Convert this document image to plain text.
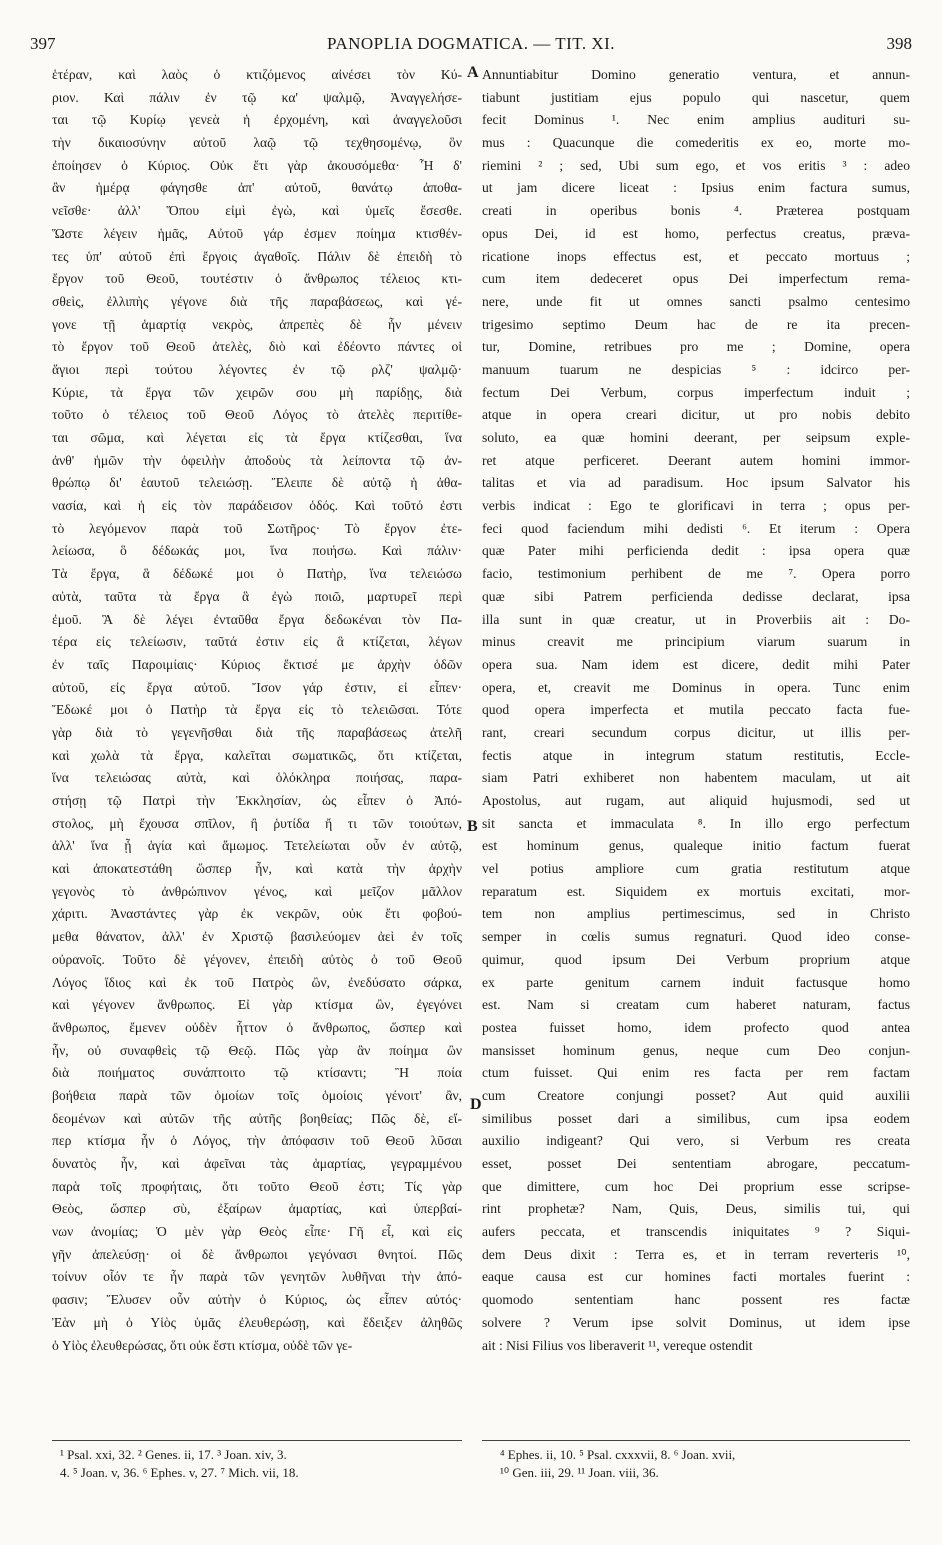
397	PANOPLIA DOGMATICA. — TIT. XI.	398
ἑτέραν, καὶ λαὸς ὁ κτιζόμενος αἰνέσει τὸν Κύ-
ριον. Καὶ πάλιν ἐν τῷ κα' ψαλμῷ, Ἀναγγελήσε-
ται τῷ Κυρίῳ γενεὰ ἡ ἐρχομένη, καὶ ἀναγγελοῦσι
τὴν δικαιοσύνην αὐτοῦ λαῷ τῷ τεχθησομένῳ, ὃν
ἐποίησεν ὁ Κύριος. Οὐκ ἔτι γὰρ ἀκουσόμεθα· Ἧ δ'
ἂν ἡμέρᾳ φάγησθε ἀπ' αὐτοῦ, θανάτῳ ἀποθα-
νεῖσθε· ἀλλ' Ὅπου εἰμὶ ἐγὼ, καὶ ὑμεῖς ἔσεσθε.
Ὥστε λέγειν ἡμᾶς, Αὐτοῦ γάρ ἐσμεν ποίημα κτισθέν-
τες ὑπ' αὐτοῦ ἐπὶ ἔργοις ἀγαθοῖς. Πάλιν δὲ ἐπειδὴ τὸ
ἔργον τοῦ Θεοῦ, τουτέστιν ὁ ἄνθρωπος τέλειος κτι-
σθεὶς, ἐλλιπὴς γέγονε διὰ τῆς παραβάσεως, καὶ γέ-
γονε τῇ ἁμαρτίᾳ νεκρὸς, ἀπρεπὲς δὲ ἦν μένειν
τὸ ἔργον τοῦ Θεοῦ ἀτελὲς, διὸ καὶ ἐδέοντο πάντες οἱ
ἅγιοι περὶ τούτου λέγοντες ἐν τῷ ρλζ' ψαλμῷ·
Κύριε, τὰ ἔργα τῶν χειρῶν σου μὴ παρίδῃς, διὰ
τοῦτο ὁ τέλειος τοῦ Θεοῦ Λόγος τὸ ἀτελὲς περιτίθε-
ται σῶμα, καὶ λέγεται εἰς τὰ ἔργα κτίζεσθαι, ἵνα
ἀνθ' ἡμῶν τὴν ὀφειλὴν ἀποδοὺς τὰ λείποντα τῷ ἀν-
θρώπῳ δι' ἑαυτοῦ τελειώσῃ. Ἔλειπε δὲ αὐτῷ ἡ ἀθα-
νασία, καὶ ἡ εἰς τὸν παράδεισον ὁδός. Καὶ τοῦτό ἐστι
τὸ λεγόμενον παρὰ τοῦ Σωτῆρος· Τὸ ἔργον ἐτε-
λείωσα, ὃ δέδωκάς μοι, ἵνα ποιήσω. Καὶ πάλιν·
Τὰ ἔργα, ἃ δέδωκέ μοι ὁ Πατὴρ, ἵνα τελειώσω
αὐτὰ, ταῦτα τὰ ἔργα ἃ ἐγὼ ποιῶ, μαρτυρεῖ περὶ
ἐμοῦ. Ἃ δὲ λέγει ἐνταῦθα ἔργα δεδωκέναι τὸν Πα-
τέρα εἰς τελείωσιν, ταῦτά ἐστιν εἰς ἃ κτίζεται, λέγων
ἐν ταῖς Παροιμίαις· Κύριος ἔκτισέ με ἀρχὴν ὁδῶν
αὐτοῦ, εἰς ἔργα αὐτοῦ. Ἴσον γάρ ἐστιν, εἰ εἶπεν·
Ἔδωκέ μοι ὁ Πατὴρ τὰ ἔργα εἰς τὸ τελειῶσαι. Τότε
γὰρ διὰ τὸ γεγενῆσθαι διὰ τῆς παραβάσεως ἀτελῆ
καὶ χωλὰ τὰ ἔργα, καλεῖται σωματικῶς, ὅτι κτίζεται,
ἵνα τελειώσας αὐτὰ, καὶ ὁλόκληρα ποιήσας, παρα-
στήσῃ τῷ Πατρὶ τὴν Ἐκκλησίαν, ὡς εἶπεν ὁ Ἀπό-
στολος, μὴ ἔχουσα σπῖλον, ἢ ῥυτίδα ἤ τι τῶν τοιούτων,
ἀλλ' ἵνα ᾖ ἁγία καὶ ἄμωμος. Τετελείωται οὖν ἐν αὐτῷ,
καὶ ἀποκατεστάθη ὥσπερ ἦν, καὶ κατὰ τὴν ἀρχὴν
γεγονὸς τὸ ἀνθρώπινον γένος, καὶ μεῖζον μᾶλλον
χάριτι. Ἀναστάντες γὰρ ἐκ νεκρῶν, οὐκ ἔτι φοβού-
μεθα θάνατον, ἀλλ' ἐν Χριστῷ βασιλεύομεν ἀεὶ ἐν τοῖς
οὐρανοῖς. Τοῦτο δὲ γέγονεν, ἐπειδὴ αὐτὸς ὁ τοῦ Θεοῦ
Λόγος ἴδιος καὶ ἐκ τοῦ Πατρὸς ὢν, ἐνεδύσατο σάρκα,
καὶ γέγονεν ἄνθρωπος. Εἰ γὰρ κτίσμα ὢν, ἐγεγόνει
ἄνθρωπος, ἔμενεν οὐδὲν ἧττον ὁ ἄνθρωπος, ὥσπερ καὶ
ἦν, οὐ συναφθεὶς τῷ Θεῷ. Πῶς γὰρ ἂν ποίημα ὢν
διὰ ποιήματος συνάπτοιτο τῷ κτίσαντι; Ἢ ποία
βοήθεια παρὰ τῶν ὁμοίων τοῖς ὁμοίοις γένοιτ' ἂν,
δεομένων καὶ αὐτῶν τῆς αὐτῆς βοηθείας; Πῶς δὲ, εἴ-
περ κτίσμα ἦν ὁ Λόγος, τὴν ἀπόφασιν τοῦ Θεοῦ λῦσαι
δυνατὸς ἦν, καὶ ἀφεῖναι τὰς ἁμαρτίας, γεγραμμένου
παρὰ τοῖς προφήταις, ὅτι τοῦτο Θεοῦ ἐστι; Τίς γὰρ
Θεὸς, ὥσπερ σὺ, ἐξαίρων ἁμαρτίας, καὶ ὑπερβαί-
νων ἀνομίας; Ὁ μὲν γὰρ Θεὸς εἶπε· Γῆ εἶ, καὶ εἰς
γῆν ἀπελεύσῃ· οἱ δὲ ἄνθρωποι γεγόνασι θνητοί. Πῶς
τοίνυν οἷόν τε ἦν παρὰ τῶν γενητῶν λυθῆναι τὴν ἀπό-
φασιν; Ἔλυσεν οὖν αὐτὴν ὁ Κύριος, ὡς εἶπεν αὐτός·
Ἐὰν μὴ ὁ Υἱὸς ὑμᾶς ἐλευθερώσῃ, καὶ ἔδειξεν ἀληθῶς
ὁ Υἱὸς ἐλευθερώσας, ὅτι οὐκ ἔστι κτίσμα, οὐδὲ τῶν γε-
Annuntiabitur Domino generatio ventura, et annun-
tiabunt justitiam ejus populo qui nascetur, quem
fecit Dominus ¹. Nec enim amplius audituri su-
mus : Quacunque die comederitis ex eo, morte mo-
riemini ² ; sed, Ubi sum ego, et vos eritis ³ : adeo
ut jam dicere liceat : Ipsius enim factura sumus,
creati in operibus bonis ⁴. Præterea postquam
opus Dei, id est homo, perfectus creatus, præva-
ricatione inops effectus est, et peccato mortuus ;
cum item dedeceret opus Dei imperfectum rema-
nere, unde fit ut omnes sancti psalmo centesimo
trigesimo septimo Deum hac de re ita precen-
tur, Domine, retribues pro me ; Domine, opera
manuum tuarum ne despicias ⁵ : idcirco per-
fectum Dei Verbum, corpus imperfectum induit ;
atque in opera creari dicitur, ut pro nobis debito
soluto, ea quæ homini deerant, per seipsum exple-
ret atque perficeret. Deerant autem homini immor-
talitas et via ad paradisum. Hoc ipsum Salvator his
verbis indicat : Ego te glorificavi in terra ; opus per-
feci quod faciendum mihi dedisti ⁶. Et iterum : Opera
quæ Pater mihi perficienda dedit : ipsa opera quæ
facio, testimonium perhibent de me ⁷. Opera porro
quæ sibi Patrem perficienda dedisse declarat, ipsa
illa sunt in quæ creatur, ut in Proverbiis ait : Do-
minus creavit me principium viarum suarum in
opera sua. Nam idem est dicere, dedit mihi Pater
opera, et, creavit me Dominus in opera. Tunc enim
quod opera imperfecta et mutila peccato facta fue-
rant, creari secundum corpus dicitur, ut illis per-
fectis atque in integrum statum restitutis, Eccle-
siam Patri exhiberet non habentem maculam, ut ait
Apostolus, aut rugam, aut aliquid hujusmodi, sed ut
sit sancta et immaculata ⁸. In illo ergo perfectum
est hominum genus, qualeque initio factum fuerat
vel potius ampliore cum gratia restitutum atque
reparatum est. Siquidem ex mortuis excitati, mor-
tem non amplius pertimescimus, sed in Christo
semper in cœlis sumus regnaturi. Quod ideo conse-
quimur, quod ipsum Dei Verbum proprium atque
ex parte genitum carnem induit factusque homo
est. Nam si creatam cum haberet naturam, factus
postea fuisset homo, idem profecto quod antea
mansisset hominum genus, neque cum Deo conjun-
ctum fuisset. Qui enim res facta per rem factam
cum Creatore conjungi posset? Aut quid auxilii
similibus posset dari a similibus, cum ipsa eodem
auxilio indigeant? Qui vero, si Verbum res creata
esset, posset Dei sententiam abrogare, peccatum-
que dimittere, cum hoc Dei proprium esse scripse-
rint prophetæ? Nam, Quis, Deus, similis tui, qui
aufers peccata, et transcendis iniquitates ⁹ ? Siqui-
dem Deus dixit : Terra es, et in terram reverteris ¹⁰,
eaque causa est cur homines facti mortales fuerint :
quomodo sententiam hanc possent res factæ
solvere ? Verum ipse solvit Dominus, ut idem ipse
ait : Nisi Filius vos liberaverit ¹¹, vereque ostendit
A
B
D
¹ Psal. xxi, 32. ² Genes. ii, 17. ³ Joan. xiv, 3.
4. ⁵ Joan. v, 36. ⁶ Ephes. v, 27. ⁷ Mich. vii, 18.
⁴ Ephes. ii, 10. ⁵ Psal. cxxxvii, 8. ⁶ Joan. xvii,
¹⁰ Gen. iii, 29. ¹¹ Joan. viii, 36.
